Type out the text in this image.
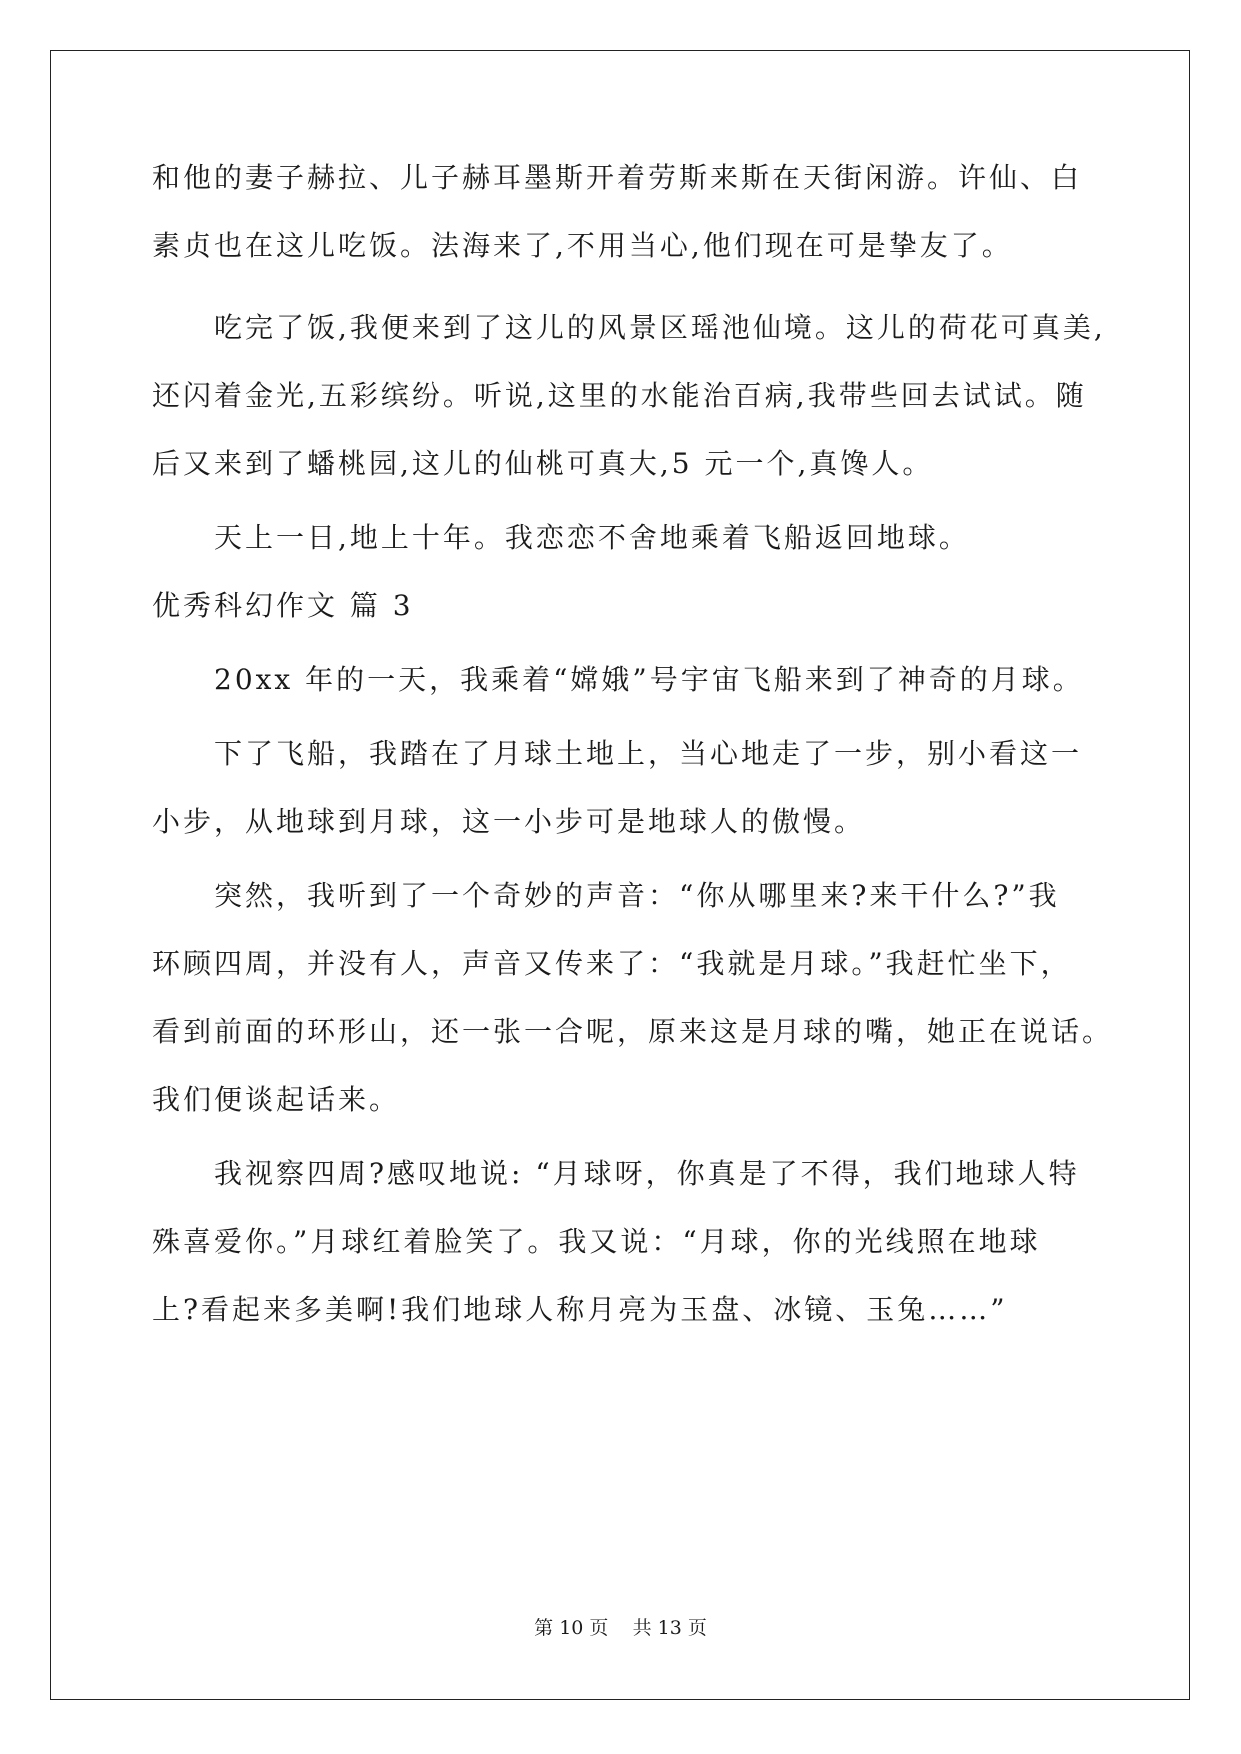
和他的妻子赫拉、儿子赫耳墨斯开着劳斯来斯在天街闲游。许仙、白
素贞也在这儿吃饭。法海来了,不用当心,他们现在可是挚友了。
吃完了饭,我便来到了这儿的风景区瑶池仙境。这儿的荷花可真美,
还闪着金光,五彩缤纷。听说,这里的水能治百病,我带些回去试试。随
后又来到了蟠桃园,这儿的仙桃可真大,5 元一个,真馋人。
天上一日,地上十年。我恋恋不舍地乘着飞船返回地球。
优秀科幻作文 篇 3
20xx 年的一天，我乘着“嫦娥”号宇宙飞船来到了神奇的月球。
下了飞船，我踏在了月球土地上，当心地走了一步，别小看这一
小步，从地球到月球，这一小步可是地球人的傲慢。
突然，我听到了一个奇妙的声音：“你从哪里来?来干什么?”我
环顾四周，并没有人，声音又传来了：“我就是月球。”我赶忙坐下，
看到前面的环形山，还一张一合呢，原来这是月球的嘴，她正在说话。
我们便谈起话来。
我视察四周?感叹地说: “月球呀，你真是了不得，我们地球人特
殊喜爱你。”月球红着脸笑了。我又说：“月球，你的光线照在地球
上?看起来多美啊!我们地球人称月亮为玉盘、冰镜、玉兔……”
第 10 页    共 13 页
